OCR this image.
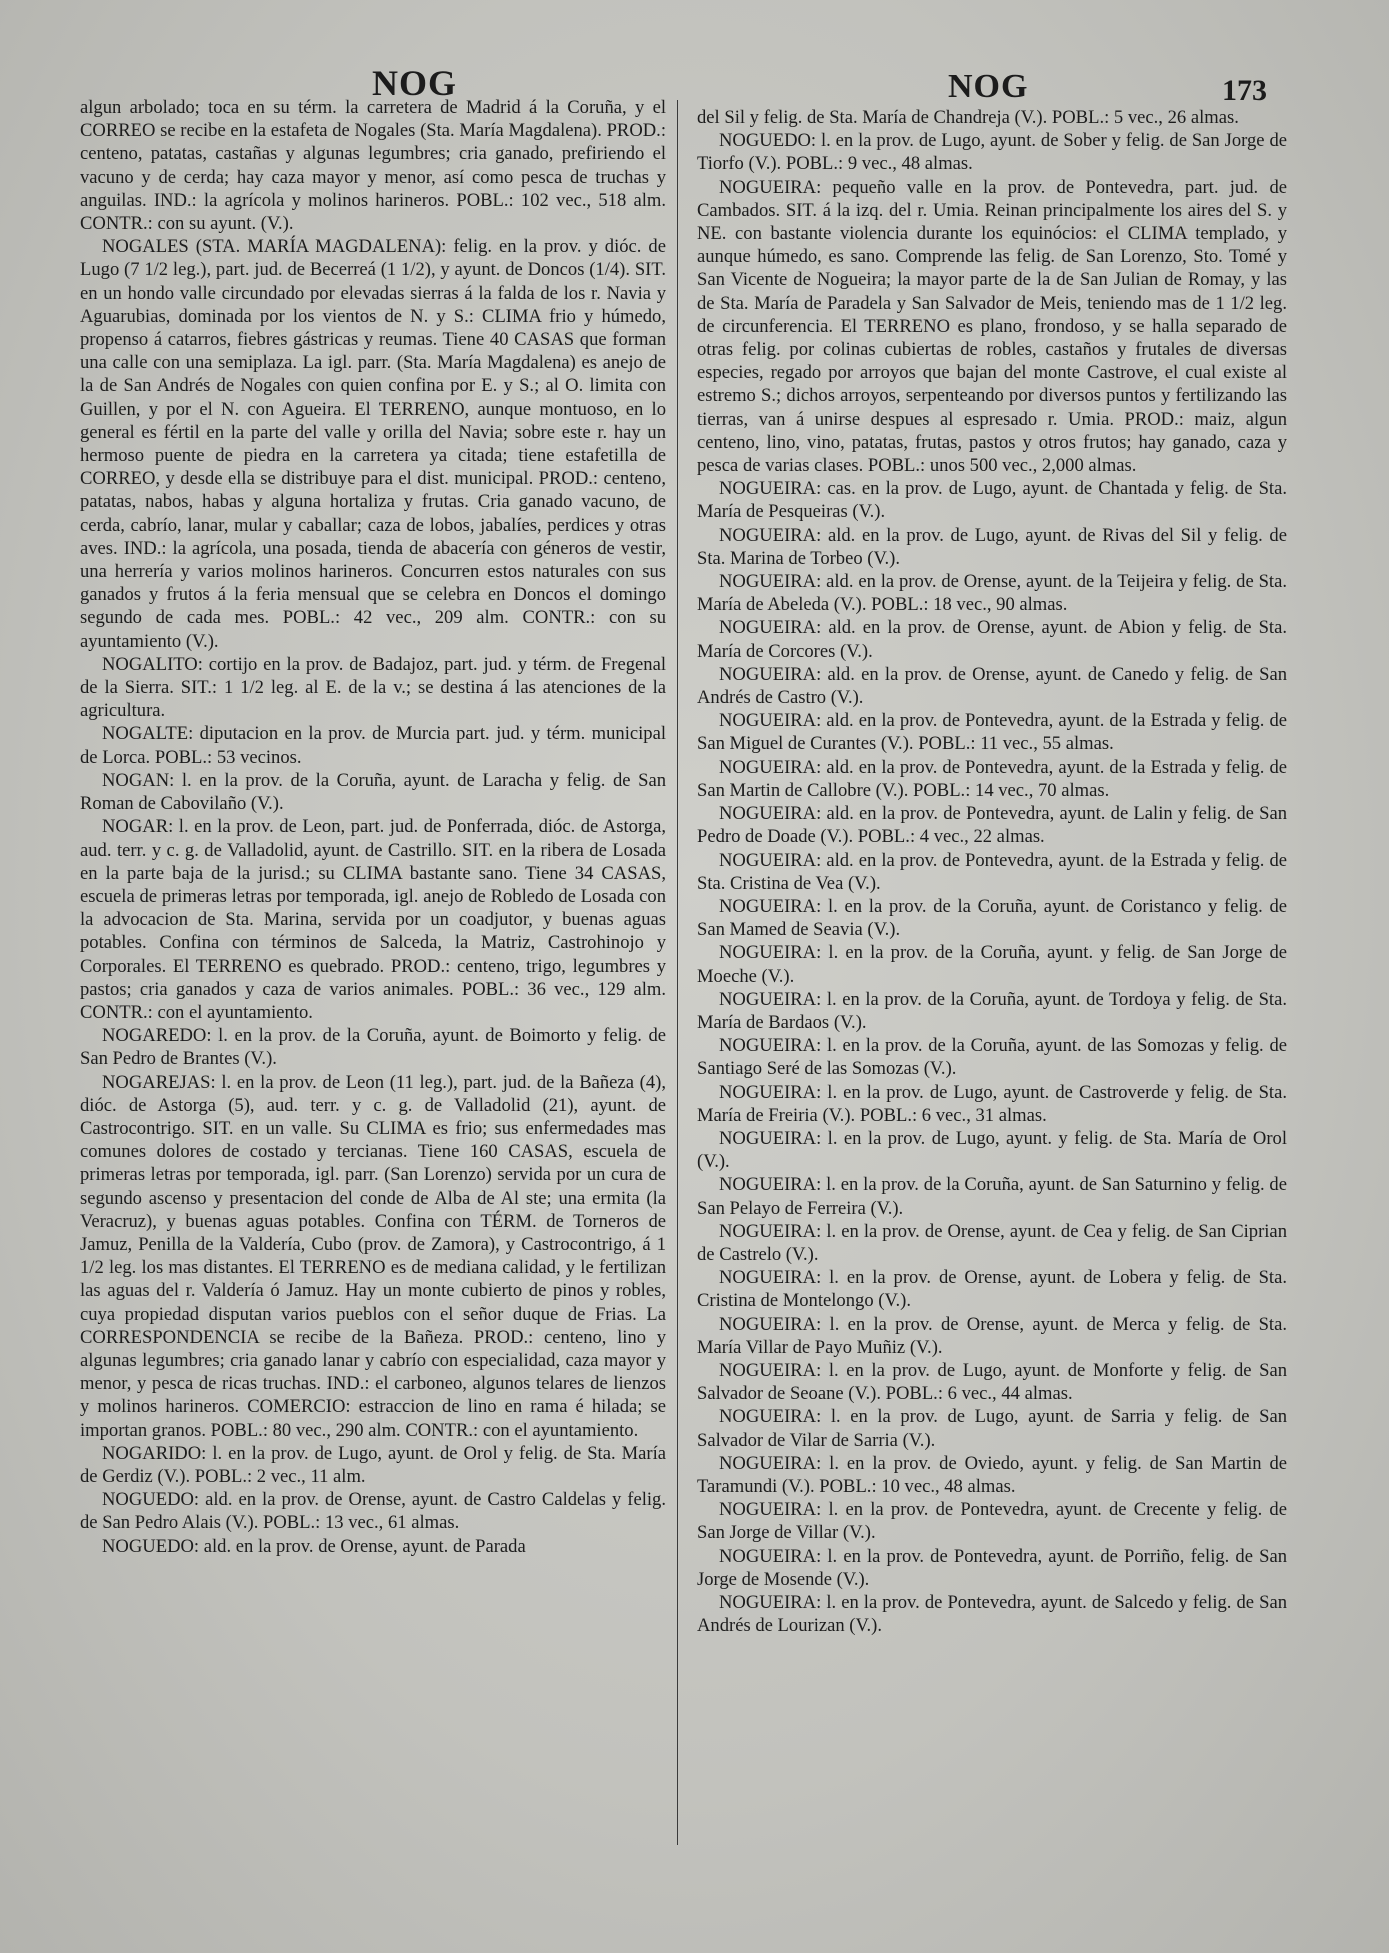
NOG	NOG	173

algun arbolado; toca en su térm. la carretera de Madrid á la Coruña, y el CORREO se recibe en la estafeta de Nogales (Sta. María Magdalena). PROD.: centeno, patatas, castañas y algunas legumbres; cria ganado, prefiriendo el vacuno y de cerda; hay caza mayor y menor, así como pesca de truchas y anguilas. IND.: la agrícola y molinos harineros. POBL.: 102 vec., 518 alm. CONTR.: con su ayunt. (V.).

NOGALES (STA. MARÍA MAGDALENA): felig. en la prov. y dióc. de Lugo (7 1/2 leg.), part. jud. de Becerreá (1 1/2), y ayunt. de Doncos (1/4). SIT. en un hondo valle circundado por elevadas sierras á la falda de los r. Navia y Aguarubias, dominada por los vientos de N. y S.: CLIMA frio y húmedo, propenso á catarros, fiebres gástricas y reumas. Tiene 40 CASAS que forman una calle con una semiplaza. La igl. parr. (Sta. María Magdalena) es anejo de la de San Andrés de Nogales con quien confina por E. y S.; al O. limita con Guillen, y por el N. con Agueira. El TERRENO, aunque montuoso, en lo general es fértil en la parte del valle y orilla del Navia; sobre este r. hay un hermoso puente de piedra en la carretera ya citada; tiene estafetilla de CORREO, y desde ella se distribuye para el dist. municipal. PROD.: centeno, patatas, nabos, habas y alguna hortaliza y frutas. Cria ganado vacuno, de cerda, cabrío, lanar, mular y caballar; caza de lobos, jabalíes, perdices y otras aves. IND.: la agrícola, una posada, tienda de abacería con géneros de vestir, una herrería y varios molinos harineros. Concurren estos naturales con sus ganados y frutos á la feria mensual que se celebra en Doncos el domingo segundo de cada mes. POBL.: 42 vec., 209 alm. CONTR.: con su ayuntamiento (V.).

NOGALITO: cortijo en la prov. de Badajoz, part. jud. y térm. de Fregenal de la Sierra. SIT.: 1 1/2 leg. al E. de la v.; se destina á las atenciones de la agricultura.

NOGALTE: diputacion en la prov. de Murcia part. jud. y térm. municipal de Lorca. POBL.: 53 vecinos.

NOGAN: l. en la prov. de la Coruña, ayunt. de Laracha y felig. de San Roman de Cabovilaño (V.).

NOGAR: l. en la prov. de Leon, part. jud. de Ponferrada, dióc. de Astorga, aud. terr. y c. g. de Valladolid, ayunt. de Castrillo. SIT. en la ribera de Losada en la parte baja de la jurisd.; su CLIMA bastante sano. Tiene 34 CASAS, escuela de primeras letras por temporada, igl. anejo de Robledo de Losada con la advocacion de Sta. Marina, servida por un coadjutor, y buenas aguas potables. Confina con términos de Salceda, la Matriz, Castrohinojo y Corporales. El TERRENO es quebrado. PROD.: centeno, trigo, legumbres y pastos; cria ganados y caza de varios animales. POBL.: 36 vec., 129 alm. CONTR.: con el ayuntamiento.

NOGAREDO: l. en la prov. de la Coruña, ayunt. de Boimorto y felig. de San Pedro de Brantes (V.).

NOGAREJAS: l. en la prov. de Leon (11 leg.), part. jud. de la Bañeza (4), dióc. de Astorga (5), aud. terr. y c. g. de Valladolid (21), ayunt. de Castrocontrigo. SIT. en un valle. Su CLIMA es frio; sus enfermedades mas comunes dolores de costado y tercianas. Tiene 160 CASAS, escuela de primeras letras por temporada, igl. parr. (San Lorenzo) servida por un cura de segundo ascenso y presentacion del conde de Alba de Al ste; una ermita (la Veracruz), y buenas aguas potables. Confina con TÉRM. de Torneros de Jamuz, Penilla de la Valdería, Cubo (prov. de Zamora), y Castrocontrigo, á 1 1/2 leg. los mas distantes. El TERRENO es de mediana calidad, y le fertilizan las aguas del r. Valdería ó Jamuz. Hay un monte cubierto de pinos y robles, cuya propiedad disputan varios pueblos con el señor duque de Frias. La CORRESPONDENCIA se recibe de la Bañeza. PROD.: centeno, lino y algunas legumbres; cria ganado lanar y cabrío con especialidad, caza mayor y menor, y pesca de ricas truchas. IND.: el carboneo, algunos telares de lienzos y molinos harineros. COMERCIO: estraccion de lino en rama é hilada; se importan granos. POBL.: 80 vec., 290 alm. CONTR.: con el ayuntamiento.

NOGARIDO: l. en la prov. de Lugo, ayunt. de Orol y felig. de Sta. María de Gerdiz (V.). POBL.: 2 vec., 11 alm.

NOGUEDO: ald. en la prov. de Orense, ayunt. de Castro Caldelas y felig. de San Pedro Alais (V.). POBL.: 13 vec., 61 almas.

NOGUEDO: ald. en la prov. de Orense, ayunt. de Parada

del Sil y felig. de Sta. María de Chandreja (V.). POBL.: 5 vec., 26 almas.

NOGUEDO: l. en la prov. de Lugo, ayunt. de Sober y felig. de San Jorge de Tiorfo (V.). POBL.: 9 vec., 48 almas.

NOGUEIRA: pequeño valle en la prov. de Pontevedra, part. jud. de Cambados. SIT. á la izq. del r. Umia. Reinan principalmente los aires del S. y NE. con bastante violencia durante los equinócios: el CLIMA templado, y aunque húmedo, es sano. Comprende las felig. de San Lorenzo, Sto. Tomé y San Vicente de Nogueira; la mayor parte de la de San Julian de Romay, y las de Sta. María de Paradela y San Salvador de Meis, teniendo mas de 1 1/2 leg. de circunferencia. El TERRENO es plano, frondoso, y se halla separado de otras felig. por colinas cubiertas de robles, castaños y frutales de diversas especies, regado por arroyos que bajan del monte Castrove, el cual existe al estremo S.; dichos arroyos, serpenteando por diversos puntos y fertilizando las tierras, van á unirse despues al espresado r. Umia. PROD.: maiz, algun centeno, lino, vino, patatas, frutas, pastos y otros frutos; hay ganado, caza y pesca de varias clases. POBL.: unos 500 vec., 2,000 almas.

NOGUEIRA: cas. en la prov. de Lugo, ayunt. de Chantada y felig. de Sta. María de Pesqueiras (V.).

NOGUEIRA: ald. en la prov. de Lugo, ayunt. de Rivas del Sil y felig. de Sta. Marina de Torbeo (V.).

NOGUEIRA: ald. en la prov. de Orense, ayunt. de la Teijeira y felig. de Sta. María de Abeleda (V.). POBL.: 18 vec., 90 almas.

NOGUEIRA: ald. en la prov. de Orense, ayunt. de Abion y felig. de Sta. María de Corcores (V.).

NOGUEIRA: ald. en la prov. de Orense, ayunt. de Canedo y felig. de San Andrés de Castro (V.).

NOGUEIRA: ald. en la prov. de Pontevedra, ayunt. de la Estrada y felig. de San Miguel de Curantes (V.). POBL.: 11 vec., 55 almas.

NOGUEIRA: ald. en la prov. de Pontevedra, ayunt. de la Estrada y felig. de San Martin de Callobre (V.). POBL.: 14 vec., 70 almas.

NOGUEIRA: ald. en la prov. de Pontevedra, ayunt. de Lalin y felig. de San Pedro de Doade (V.). POBL.: 4 vec., 22 almas.

NOGUEIRA: ald. en la prov. de Pontevedra, ayunt. de la Estrada y felig. de Sta. Cristina de Vea (V.).

NOGUEIRA: l. en la prov. de la Coruña, ayunt. de Coristanco y felig. de San Mamed de Seavia (V.).

NOGUEIRA: l. en la prov. de la Coruña, ayunt. y felig. de San Jorge de Moeche (V.).

NOGUEIRA: l. en la prov. de la Coruña, ayunt. de Tordoya y felig. de Sta. María de Bardaos (V.).

NOGUEIRA: l. en la prov. de la Coruña, ayunt. de las Somozas y felig. de Santiago Seré de las Somozas (V.).

NOGUEIRA: l. en la prov. de Lugo, ayunt. de Castroverde y felig. de Sta. María de Freiria (V.). POBL.: 6 vec., 31 almas.

NOGUEIRA: l. en la prov. de Lugo, ayunt. y felig. de Sta. María de Orol (V.).

NOGUEIRA: l. en la prov. de la Coruña, ayunt. de San Saturnino y felig. de San Pelayo de Ferreira (V.).

NOGUEIRA: l. en la prov. de Orense, ayunt. de Cea y felig. de San Ciprian de Castrelo (V.).

NOGUEIRA: l. en la prov. de Orense, ayunt. de Lobera y felig. de Sta. Cristina de Montelongo (V.).

NOGUEIRA: l. en la prov. de Orense, ayunt. de Merca y felig. de Sta. María Villar de Payo Muñiz (V.).

NOGUEIRA: l. en la prov. de Lugo, ayunt. de Monforte y felig. de San Salvador de Seoane (V.). POBL.: 6 vec., 44 almas.

NOGUEIRA: l. en la prov. de Lugo, ayunt. de Sarria y felig. de San Salvador de Vilar de Sarria (V.).

NOGUEIRA: l. en la prov. de Oviedo, ayunt. y felig. de San Martin de Taramundi (V.). POBL.: 10 vec., 48 almas.

NOGUEIRA: l. en la prov. de Pontevedra, ayunt. de Crecente y felig. de San Jorge de Villar (V.).

NOGUEIRA: l. en la prov. de Pontevedra, ayunt. de Porriño, felig. de San Jorge de Mosende (V.).

NOGUEIRA: l. en la prov. de Pontevedra, ayunt. de Salcedo y felig. de San Andrés de Lourizan (V.).
